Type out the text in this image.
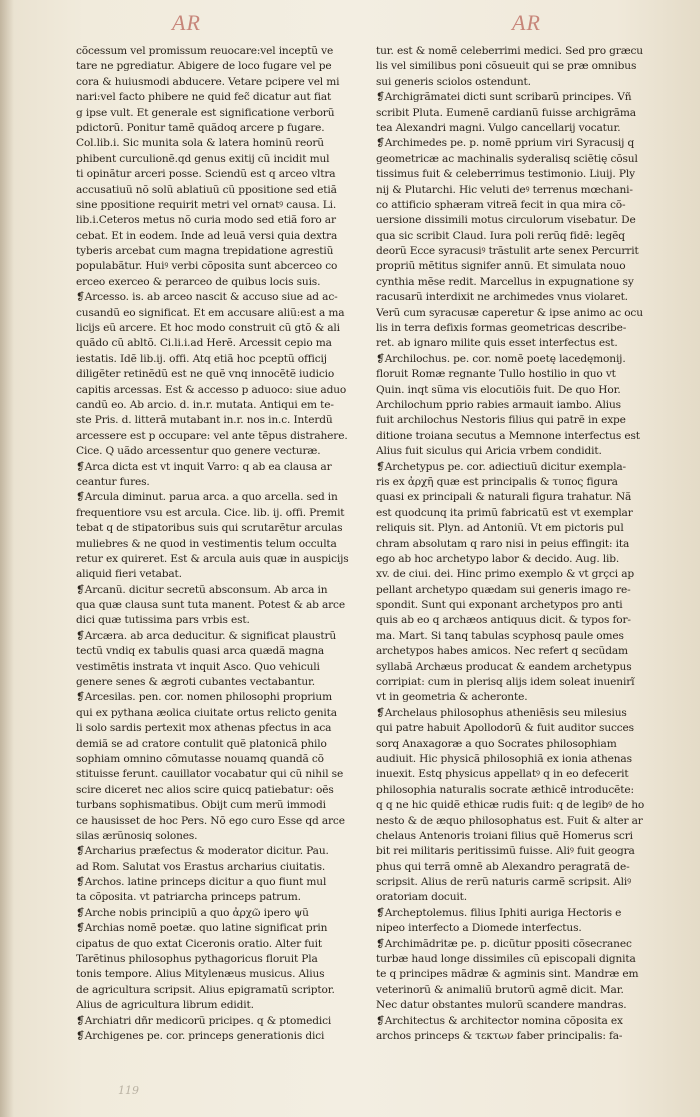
AR	AR
cõcessum vel promissum reuocare:vel inceptũ ve
tare ne pgrediatur. Abigere de loco fugare vel pe
cora & huiusmodi abducere. Vetare pcipere vel mi
nari:vel facto phibere ne quid fec̃ dicatur aut fiat
g ipse vult. Et generale est significatione verborũ
pdictorũ. Ponitur tamẽ quãdoq arcere p fugare.
Col.lib.i. Sic munita sola & latera hominũ reorũ
phibent curculionẽ.qd genus exitij cũ incidit mul
ti opinãtur arceri posse. Sciendũ est q arceo vltra
accusatiuũ nõ solũ ablatiuũ cũ ppositione sed etiã
sine ppositione requirit metri vel ornatꝰ causa. Li.
lib.i.Ceteros metus nõ curia modo sed etiã foro ar
cebat. Et in eodem. Inde ad leuã versi quia dextra
tyberis arcebat cum magna trepidatione agrestiũ
populabãtur. Huiꝰ verbi cõposita sunt abcerceo co
erceo exerceo & perarceo de quibus locis suis.
❡Arcesso. is. ab arceo nascit & accuso siue ad ac-
cusandũ eo significat. Et em accusare aliũ:est a ma
licijs eũ arcere. Et hoc modo construit cũ gtõ & ali
quãdo cũ abltõ. Ci.li.i.ad Herẽ. Arcessit cepio ma
iestatis. Idẽ lib.ij. offi. Atq etiã hoc pceptũ officij
diligẽter retinẽdũ est ne quẽ vnq innocẽtẽ iudicio
capitis arcessas. Est & accesso p aduoco: siue aduo
candũ eo. Ab arcio. d. in.r. mutata. Antiqui em te-
ste Pris. d. litterã mutabant in.r. nos in.c. Interdũ
arcessere est p occupare: vel ante tẽpus distrahere.
Cice. Q uãdo arcessentur quo genere vecturæ.
❡Arca dicta est vt inquit Varro: q ab ea clausa ar
ceantur fures.
❡Arcula diminut. parua arca. a quo arcella. sed in
frequentiore vsu est arcula. Cice. lib. ij. offi. Premit
tebat q de stipatoribus suis qui scrutarẽtur arculas
muliebres & ne quod in vestimentis telum occulta
retur ex quireret. Est & arcula auis quæ in auspicijs
aliquid fieri vetabat.
❡Arcanũ. dicitur secretũ absconsum. Ab arca in
qua quæ clausa sunt tuta manent. Potest & ab arce
dici quæ tutissima pars vrbis est.
❡Arcæra. ab arca deducitur. & significat plaustrũ
tectũ vndiq ex tabulis quasi arca quædã magna
vestimẽtis instrata vt inquit Asco. Quo vehiculi
genere senes & ægroti cubantes vectabantur.
❡Arcesilas. pen. cor. nomen philosophi proprium
qui ex pythana æolica ciuitate ortus relicto genita
li solo sardis pertexit mox athenas pfectus in aca
demiã se ad cratore contulit quẽ platonicã philo
sophiam omnino cõmutasse nouamq quandã cõ
stituisse ferunt. cauillator vocabatur qui cũ nihil se
scire diceret nec alios scire quicq patiebatur: oẽs
turbans sophismatibus. Obijt cum merũ immodi
ce hausisset de hoc Pers. Nõ ego curo Esse qd arce
silas ærũnosiq solones.
❡Archarius præfectus & moderator dicitur. Pau.
ad Rom. Salutat vos Erastus archarius ciuitatis.
❡Archos. latine princeps dicitur a quo fiunt mul
ta cõposita. vt patriarcha princeps patrum.
❡Arche nobis principiũ a quo ἀρχῶ ipero ψũ
❡Archias nomẽ poetæ. quo latine significat prin
cipatus de quo extat Ciceronis oratio. Alter fuit
Tarẽtinus philosophus pythagoricus floruit Pla
tonis tempore. Alius Mitylenæus musicus. Alius
de agricultura scripsit. Alius epigramatũ scriptor.
Alius de agricultura librum edidit.
❡Archiatri dñr medicorũ pricipes. q & ptomedici
❡Archigenes pe. cor. princeps generationis dici
tur. est & nomẽ celeberrimi medici. Sed pro græcu
lis vel similibus poni cõsueuit qui se præ omnibus
sui generis sciolos ostendunt.
❡Archigrãmatei dicti sunt scribarũ principes. Vñ
scribit Pluta. Eumenẽ cardianũ fuisse archigrãma
tea Alexandri magni. Vulgo cancellarij vocatur.
❡Archimedes pe. p. nomẽ pprium viri Syracusij q
geometricæ ac machinalis syderalisq sciẽtię cõsul
tissimus fuit & celeberrimus testimonio. Liuij. Ply
nij & Plutarchi. Hic veluti deꝰ terrenus mœchani-
co attificio sphæram vitreã fecit in qua mira cõ-
uersione dissimili motus circulorum visebatur. De
qua sic scribit Claud. Iura poli rerũq fidẽ: legẽq
deorũ Ecce syracusiꝰ trãstulit arte senex Percurrit
propriũ mẽtitus signifer annũ. Et simulata nouo
cynthia mẽse redit. Marcellus in expugnatione sy
racusarũ interdixit ne archimedes vnus violaret.
Verũ cum syracusæ caperetur & ipse animo ac ocu
lis in terra defixis formas geometricas describe-
ret. ab ignaro milite quis esset interfectus est.
❡Archilochus. pe. cor. nomẽ poetę lacedęmonij.
floruit Romæ regnante Tullo hostilio in quo vt
Quin. inqt sũma vis elocutiõis fuit. De quo Hor.
Archilochum pprio rabies armauit iambo. Alius
fuit archilochus Nestoris filius qui patrẽ in expe
ditione troiana secutus a Memnone interfectus est
Alius fuit siculus qui Aricia vrbem condidit.
❡Archetypus pe. cor. adiectiuũ dicitur exempla-
ris ex ἀρχῆ quæ est principalis & τυπος figura
quasi ex principali & naturali figura trahatur. Nã
est quodcunq ita primũ fabricatũ est vt exemplar
reliquis sit. Plyn. ad Antoniũ. Vt em pictoris pul
chram absolutam q raro nisi in peius effingit: ita
ego ab hoc archetypo labor & decido. Aug. lib.
xv. de ciui. dei. Hinc primo exemplo & vt grçci ap
pellant archetypo quædam sui generis imago re-
spondit. Sunt qui exponant archetypos pro anti
quis ab eo q archæos antiquus dicit. & typos for-
ma. Mart. Si tanq tabulas scyphosq paule omes
archetypos habes amicos. Nec refert q secũdam
syllabã Archæus producat & eandem archetypus
corripiat: cum in plerisq alijs idem soleat inuenirĩ
vt in geometria & acheronte.
❡Archelaus philosophus atheniẽsis seu milesius
qui patre habuit Apollodorũ & fuit auditor succes
sorq Anaxagoræ a quo Socrates philosophiam
audiuit. Hic physicã philosophiã ex ionia athenas
inuexit. Estq physicus appellatꝰ q in eo defecerit
philosophia naturalis socrate æthicẽ introducẽte:
q q ne hic quidẽ ethicæ rudis fuit: q de legibꝰ de ho
nesto & de æquo philosophatus est. Fuit & alter ar
chelaus Antenoris troiani filius quẽ Homerus scri
bit rei militaris peritissimũ fuisse. Aliꝰ fuit geogra
phus qui terrã omnẽ ab Alexandro peragratã de-
scripsit. Alius de rerũ naturis carmẽ scripsit. Aliꝰ
oratoriam docuit.
❡Archeptolemus. filius Iphiti auriga Hectoris e
nipeo interfecto a Diomede interfectus.
❡Archimãdritæ pe. p. dicũtur ppositi cõsecranec
turbæ haud longe dissimiles cũ episcopali dignita
te q principes mãdræ & agminis sint. Mandræ em
veterinorũ & animaliũ brutorũ agmẽ dicit. Mar.
Nec datur obstantes mulorũ scandere mandras.
❡Architectus & architector nomina cõposita ex
archos princeps & τεκτων faber principalis: fa-
119
